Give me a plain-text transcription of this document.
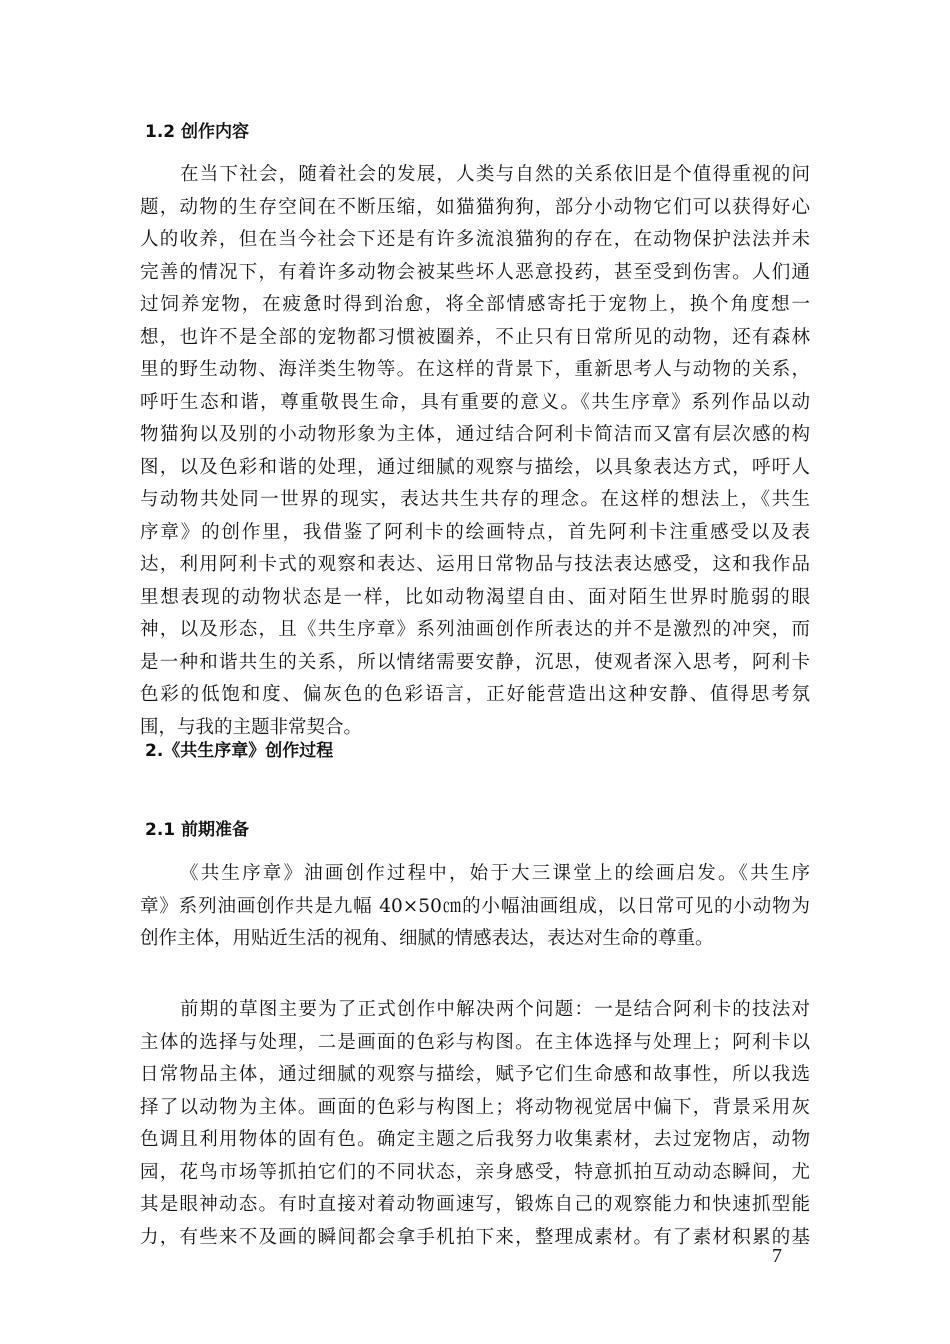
1.2 创作内容
在当下社会，随着社会的发展，人类与自然的关系依旧是个值得重视的问
题，动物的生存空间在不断压缩，如猫猫狗狗，部分小动物它们可以获得好心
人的收养，但在当今社会下还是有许多流浪猫狗的存在，在动物保护法法并未
完善的情况下，有着许多动物会被某些坏人恶意投药，甚至受到伤害。人们通
过饲养宠物，在疲惫时得到治愈，将全部情感寄托于宠物上，换个角度想一
想，也许不是全部的宠物都习惯被圈养，不止只有日常所见的动物，还有森林
里的野生动物、海洋类生物等。在这样的背景下，重新思考人与动物的关系，
呼吁生态和谐，尊重敬畏生命，具有重要的意义。《共生序章》系列作品以动
物猫狗以及别的小动物形象为主体，通过结合阿利卡简洁而又富有层次感的构
图，以及色彩和谐的处理，通过细腻的观察与描绘，以具象表达方式，呼吁人
与动物共处同一世界的现实，表达共生共存的理念。在这样的想法上，《共生
序章》的创作里，我借鉴了阿利卡的绘画特点，首先阿利卡注重感受以及表
达，利用阿利卡式的观察和表达、运用日常物品与技法表达感受，这和我作品
里想表现的动物状态是一样，比如动物渴望自由、面对陌生世界时脆弱的眼
神，以及形态，且《共生序章》系列油画创作所表达的并不是激烈的冲突，而
是一种和谐共生的关系，所以情绪需要安静，沉思，使观者深入思考，阿利卡
色彩的低饱和度、偏灰色的色彩语言，正好能营造出这种安静、值得思考氛
围，与我的主题非常契合。
2.《共生序章》创作过程
2.1 前期准备
《共生序章》油画创作过程中，始于大三课堂上的绘画启发。《共生序
章》系列油画创作共是九幅 40×50㎝的小幅油画组成，以日常可见的小动物为
创作主体，用贴近生活的视角、细腻的情感表达，表达对生命的尊重。
前期的草图主要为了正式创作中解决两个问题：一是结合阿利卡的技法对
主体的选择与处理，二是画面的色彩与构图。在主体选择与处理上；阿利卡以
日常物品主体，通过细腻的观察与描绘，赋予它们生命感和故事性，所以我选
择了以动物为主体。画面的色彩与构图上；将动物视觉居中偏下，背景采用灰
色调且利用物体的固有色。确定主题之后我努力收集素材，去过宠物店，动物
园，花鸟市场等抓拍它们的不同状态，亲身感受，特意抓拍互动动态瞬间，尤
其是眼神动态。有时直接对着动物画速写，锻炼自己的观察能力和快速抓型能
力，有些来不及画的瞬间都会拿手机拍下来，整理成素材。有了素材积累的基
7
